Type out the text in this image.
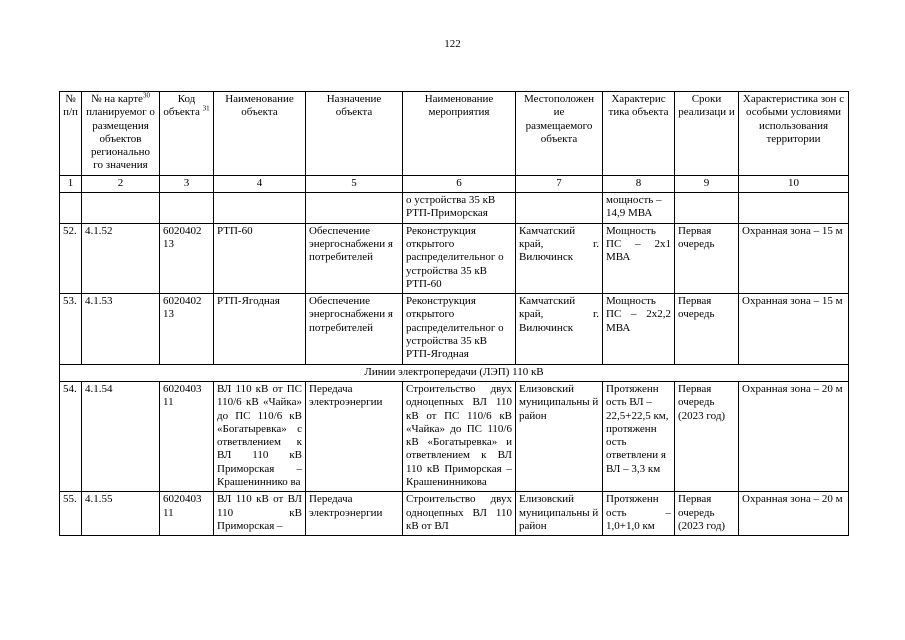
122
№ п/п	№ на карте$^{30}$ планируемог о размещения объектов регионально го значения	Код объекта $^{31}$	Наименование объекта	Назначение объекта	Наименование мероприятия	Местоположен ие размещаемого объекта	Характерис тика объекта	Сроки реализаци и	Характеристика зон с особыми условиями использования территории
1	2	3	4	5	6	7	8	9	10
					о устройства 35 кВ РТП-Приморская		мощность – 14,9 МВА		
52.	4.1.52	6020402 13	РТП-60	Обеспечение энергоснабжени я потребителей	Реконструкция открытого распределительног о устройства 35 кВ РТП-60	Камчатский край, г. Вилючинск	Мощность ПС – 2х1 МВА	Первая очередь	Охранная зона – 15 м
53.	4.1.53	6020402 13	РТП-Ягодная	Обеспечение энергоснабжени я потребителей	Реконструкция открытого распределительног о устройства 35 кВ РТП-Ягодная	Камчатский край, г. Вилючинск	Мощность ПС – 2х2,2 МВА	Первая очередь	Охранная зона – 15 м
Линии электропередачи (ЛЭП) 110 кВ									
54.	4.1.54	6020403 11	ВЛ 110 кВ от ПС 110/6 кВ «Чайка» до ПС 110/6 кВ «Богатыревка» с ответвлением к ВЛ 110 кВ Приморская – Крашениннико ва	Передача электроэнергии	Строительство двух одноцепных ВЛ 110 кВ от ПС 110/6 кВ «Чайка» до ПС 110/6 кВ «Богатыревка» и ответвлением к ВЛ 110 кВ Приморская – Крашенинникова	Елизовский муниципальны й район	Протяженн ость ВЛ – 22,5+22,5 км, протяженн ость ответвлени я ВЛ – 3,3 км	Первая очередь (2023 год)	Охранная зона – 20 м
55.	4.1.55	6020403 11	ВЛ 110 кВ от ВЛ 110 кВ Приморская –	Передача электроэнергии	Строительство двух одноцепных ВЛ 110 кВ от ВЛ	Елизовский муниципальны й район	Протяженн ость – 1,0+1,0 км	Первая очередь (2023 год)	Охранная зона – 20 м
